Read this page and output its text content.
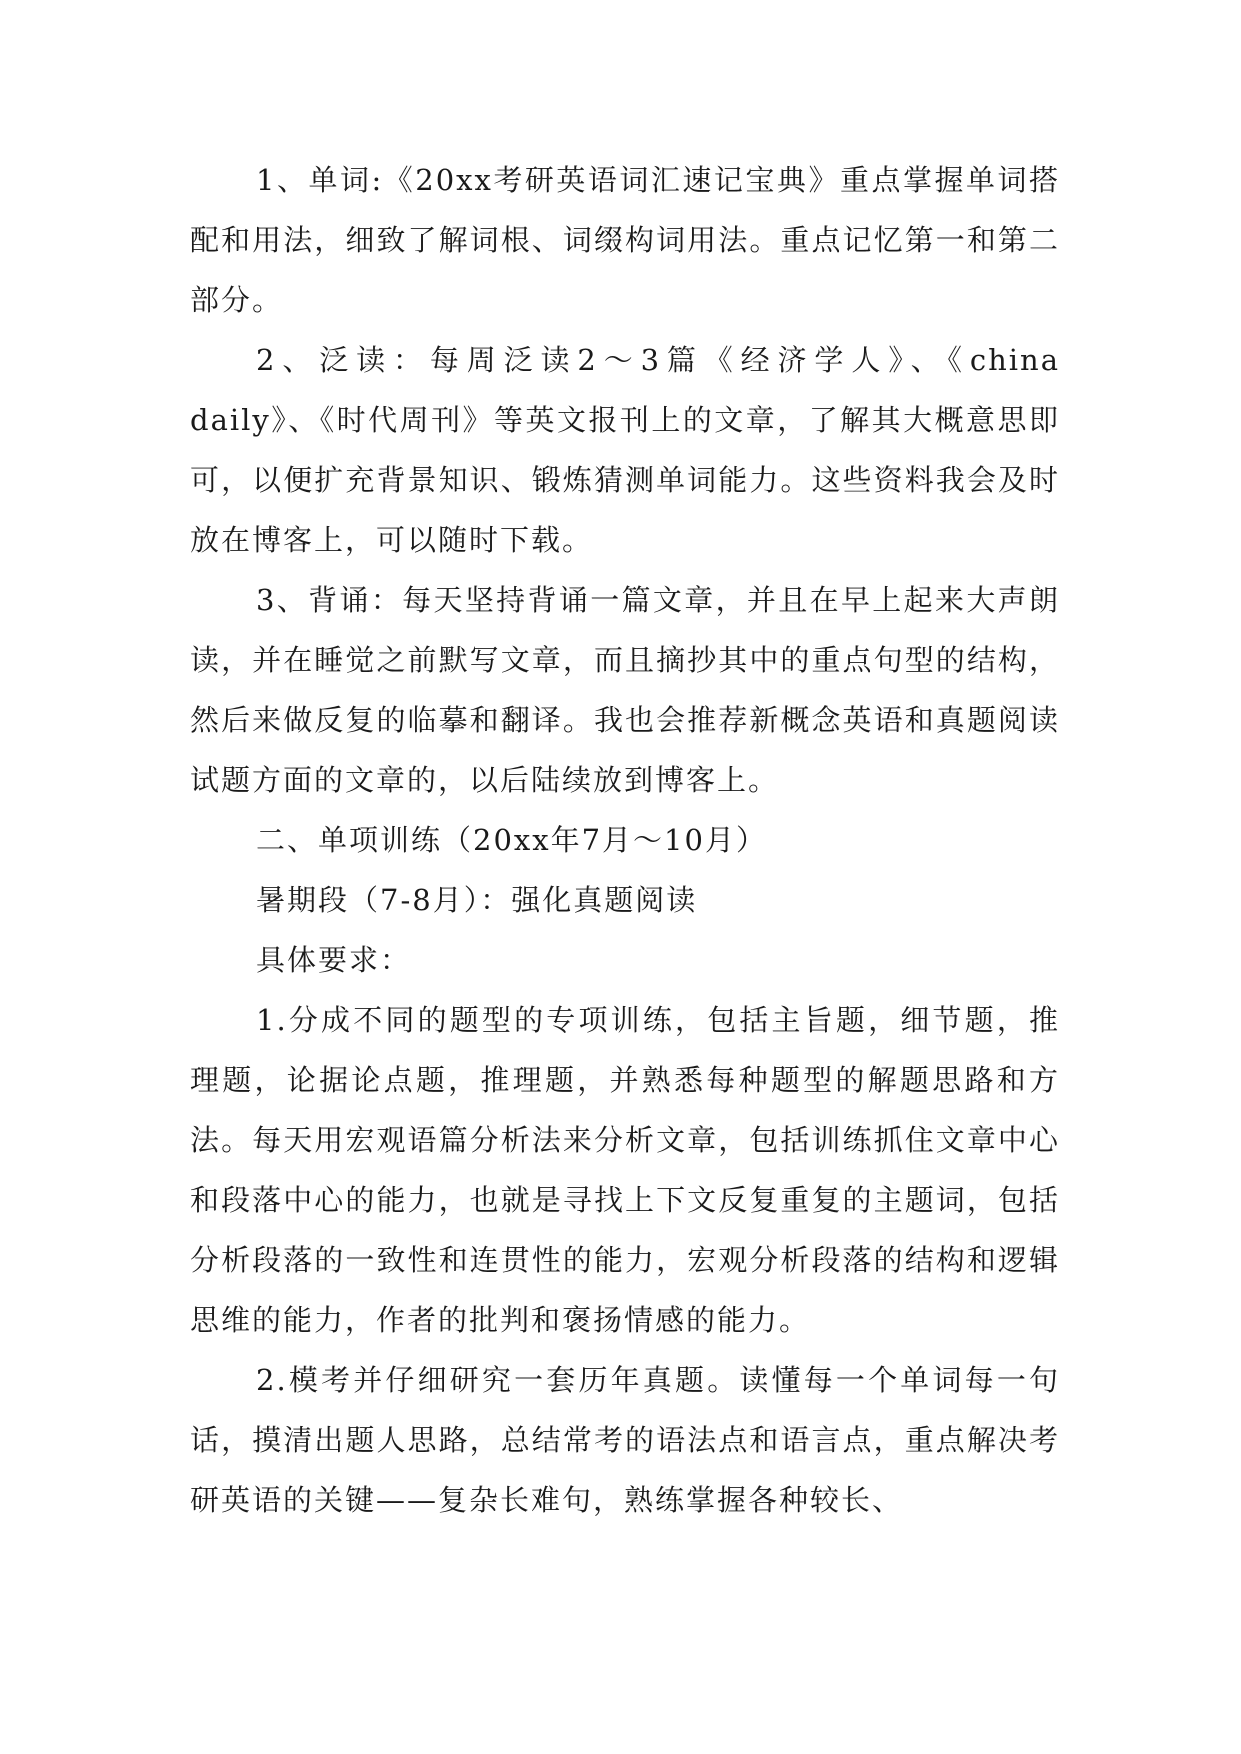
1、单词:《20xx考研英语词汇速记宝典》重点掌握单词搭配和用法，细致了解词根、词缀构词用法。重点记忆第一和第二部分。

2、泛读：每周泛读2～3篇《经济学人》、《china daily》、《时代周刊》等英文报刊上的文章，了解其大概意思即可，以便扩充背景知识、锻炼猜测单词能力。这些资料我会及时放在博客上，可以随时下载。

3、背诵：每天坚持背诵一篇文章，并且在早上起来大声朗读，并在睡觉之前默写文章，而且摘抄其中的重点句型的结构，然后来做反复的临摹和翻译。我也会推荐新概念英语和真题阅读试题方面的文章的，以后陆续放到博客上。

二、单项训练（20xx年7月～10月）

暑期段（7-8月）：强化真题阅读

具体要求：

1.分成不同的题型的专项训练，包括主旨题，细节题，推理题，论据论点题，推理题，并熟悉每种题型的解题思路和方法。每天用宏观语篇分析法来分析文章，包括训练抓住文章中心和段落中心的能力，也就是寻找上下文反复重复的主题词，包括分析段落的一致性和连贯性的能力，宏观分析段落的结构和逻辑思维的能力，作者的批判和褒扬情感的能力。

2.模考并仔细研究一套历年真题。读懂每一个单词每一句话，摸清出题人思路，总结常考的语法点和语言点，重点解决考研英语的关键——复杂长难句，熟练掌握各种较长、
